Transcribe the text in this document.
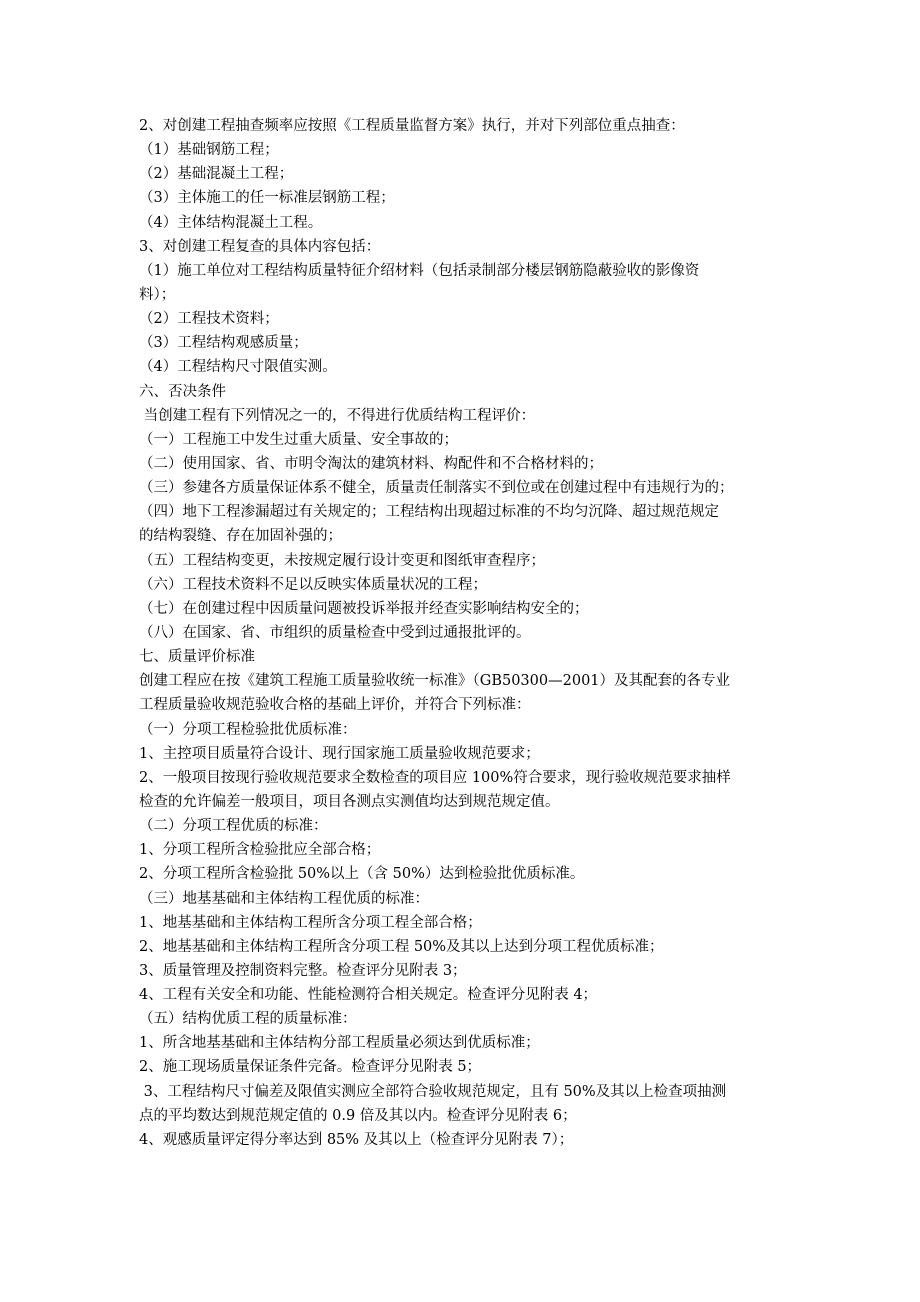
2、对创建工程抽查频率应按照《工程质量监督方案》执行，并对下列部位重点抽查：
（1）基础钢筋工程；
（2）基础混凝土工程；
（3）主体施工的任一标准层钢筋工程；
（4）主体结构混凝土工程。
3、对创建工程复查的具体内容包括：
（1）施工单位对工程结构质量特征介绍材料（包括录制部分楼层钢筋隐蔽验收的影像资
料）；
（2）工程技术资料；
（3）工程结构观感质量；
（4）工程结构尺寸限值实测。
六、否决条件
当创建工程有下列情况之一的，不得进行优质结构工程评价：
（一）工程施工中发生过重大质量、安全事故的；
（二）使用国家、省、市明令淘汰的建筑材料、构配件和不合格材料的；
（三）参建各方质量保证体系不健全，质量责任制落实不到位或在创建过程中有违规行为的；
（四）地下工程渗漏超过有关规定的；工程结构出现超过标准的不均匀沉降、超过规范规定
的结构裂缝、存在加固补强的；
（五）工程结构变更，未按规定履行设计变更和图纸审查程序；
（六）工程技术资料不足以反映实体质量状况的工程；
（七）在创建过程中因质量问题被投诉举报并经查实影响结构安全的；
（八）在国家、省、市组织的质量检查中受到过通报批评的。
七、质量评价标准
创建工程应在按《建筑工程施工质量验收统一标准》（GB50300—2001）及其配套的各专业
工程质量验收规范验收合格的基础上评价，并符合下列标准：
（一）分项工程检验批优质标准：
1、主控项目质量符合设计、现行国家施工质量验收规范要求；
2、一般项目按现行验收规范要求全数检查的项目应 100%符合要求，现行验收规范要求抽样
检查的允许偏差一般项目，项目各测点实测值均达到规范规定值。
（二）分项工程优质的标准：
1、分项工程所含检验批应全部合格；
2、分项工程所含检验批 50%以上（含 50%）达到检验批优质标准。
（三）地基基础和主体结构工程优质的标准：
1、地基基础和主体结构工程所含分项工程全部合格；
2、地基基础和主体结构工程所含分项工程 50%及其以上达到分项工程优质标准；
3、质量管理及控制资料完整。检查评分见附表 3；
4、工程有关安全和功能、性能检测符合相关规定。检查评分见附表 4；
（五）结构优质工程的质量标准：
1、所含地基基础和主体结构分部工程质量必须达到优质标准；
2、施工现场质量保证条件完备。检查评分见附表 5；
3、工程结构尺寸偏差及限值实测应全部符合验收规范规定，且有 50%及其以上检查项抽测
点的平均数达到规范规定值的 0.9 倍及其以内。检查评分见附表 6；
4、观感质量评定得分率达到 85% 及其以上（检查评分见附表 7）；
